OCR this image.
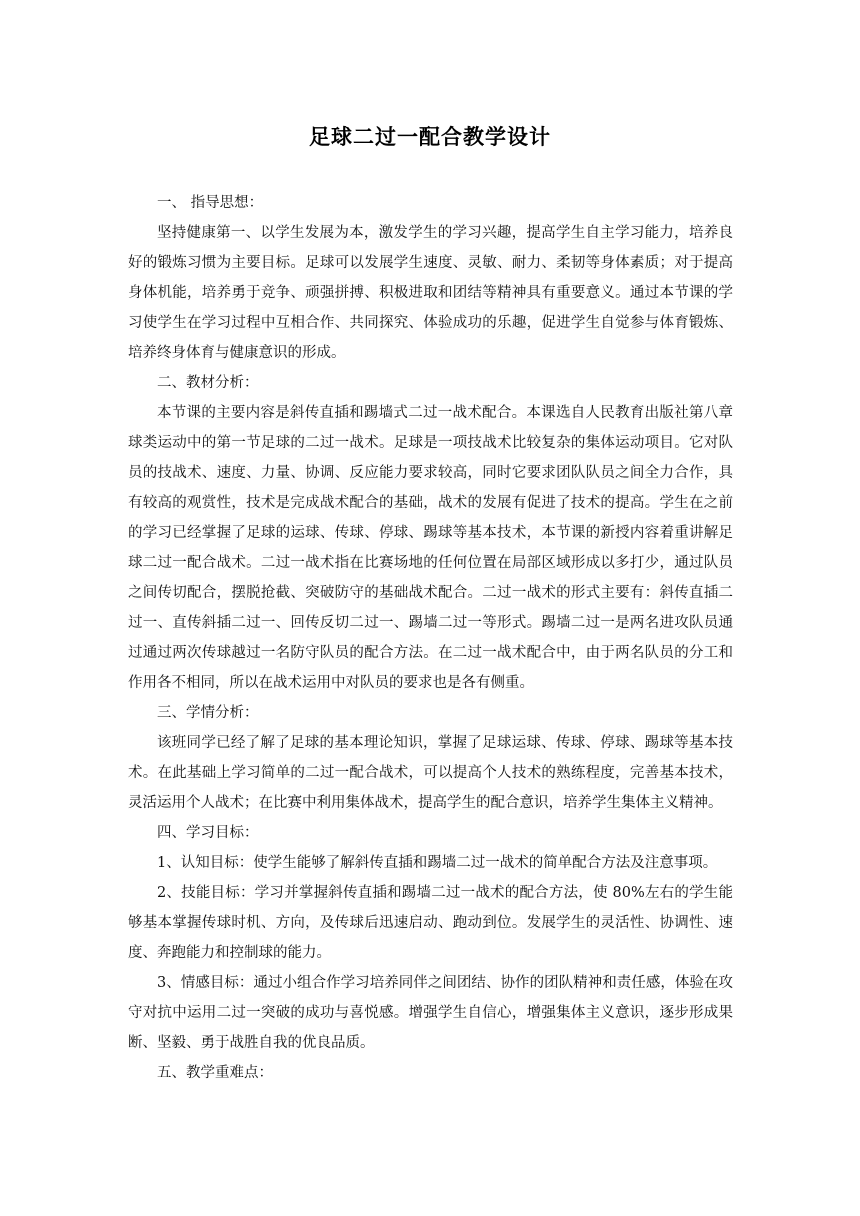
足球二过一配合教学设计

一、 指导思想：

坚持健康第一、以学生发展为本，激发学生的学习兴趣，提高学生自主学习能力，培养良好的锻炼习惯为主要目标。足球可以发展学生速度、灵敏、耐力、柔韧等身体素质；对于提高身体机能，培养勇于竞争、顽强拼搏、积极进取和团结等精神具有重要意义。通过本节课的学习使学生在学习过程中互相合作、共同探究、体验成功的乐趣，促进学生自觉参与体育锻炼、培养终身体育与健康意识的形成。

二、教材分析：

本节课的主要内容是斜传直插和踢墙式二过一战术配合。本课选自人民教育出版社第八章球类运动中的第一节足球的二过一战术。足球是一项技战术比较复杂的集体运动项目。它对队员的技战术、速度、力量、协调、反应能力要求较高，同时它要求团队队员之间全力合作，具有较高的观赏性，技术是完成战术配合的基础，战术的发展有促进了技术的提高。学生在之前的学习已经掌握了足球的运球、传球、停球、踢球等基本技术，本节课的新授内容着重讲解足球二过一配合战术。二过一战术指在比赛场地的任何位置在局部区域形成以多打少，通过队员之间传切配合，摆脱抢截、突破防守的基础战术配合。二过一战术的形式主要有：斜传直插二过一、直传斜插二过一、回传反切二过一、踢墙二过一等形式。踢墙二过一是两名进攻队员通过通过两次传球越过一名防守队员的配合方法。在二过一战术配合中，由于两名队员的分工和作用各不相同，所以在战术运用中对队员的要求也是各有侧重。

三、学情分析：

该班同学已经了解了足球的基本理论知识，掌握了足球运球、传球、停球、踢球等基本技术。在此基础上学习简单的二过一配合战术，可以提高个人技术的熟练程度，完善基本技术，灵活运用个人战术；在比赛中利用集体战术，提高学生的配合意识，培养学生集体主义精神。

四、学习目标：

1、认知目标：使学生能够了解斜传直插和踢墙二过一战术的简单配合方法及注意事项。

2、技能目标：学习并掌握斜传直插和踢墙二过一战术的配合方法，使 80%左右的学生能够基本掌握传球时机、方向，及传球后迅速启动、跑动到位。发展学生的灵活性、协调性、速度、奔跑能力和控制球的能力。

3、情感目标：通过小组合作学习培养同伴之间团结、协作的团队精神和责任感，体验在攻守对抗中运用二过一突破的成功与喜悦感。增强学生自信心，增强集体主义意识，逐步形成果断、坚毅、勇于战胜自我的优良品质。

五、教学重难点：
